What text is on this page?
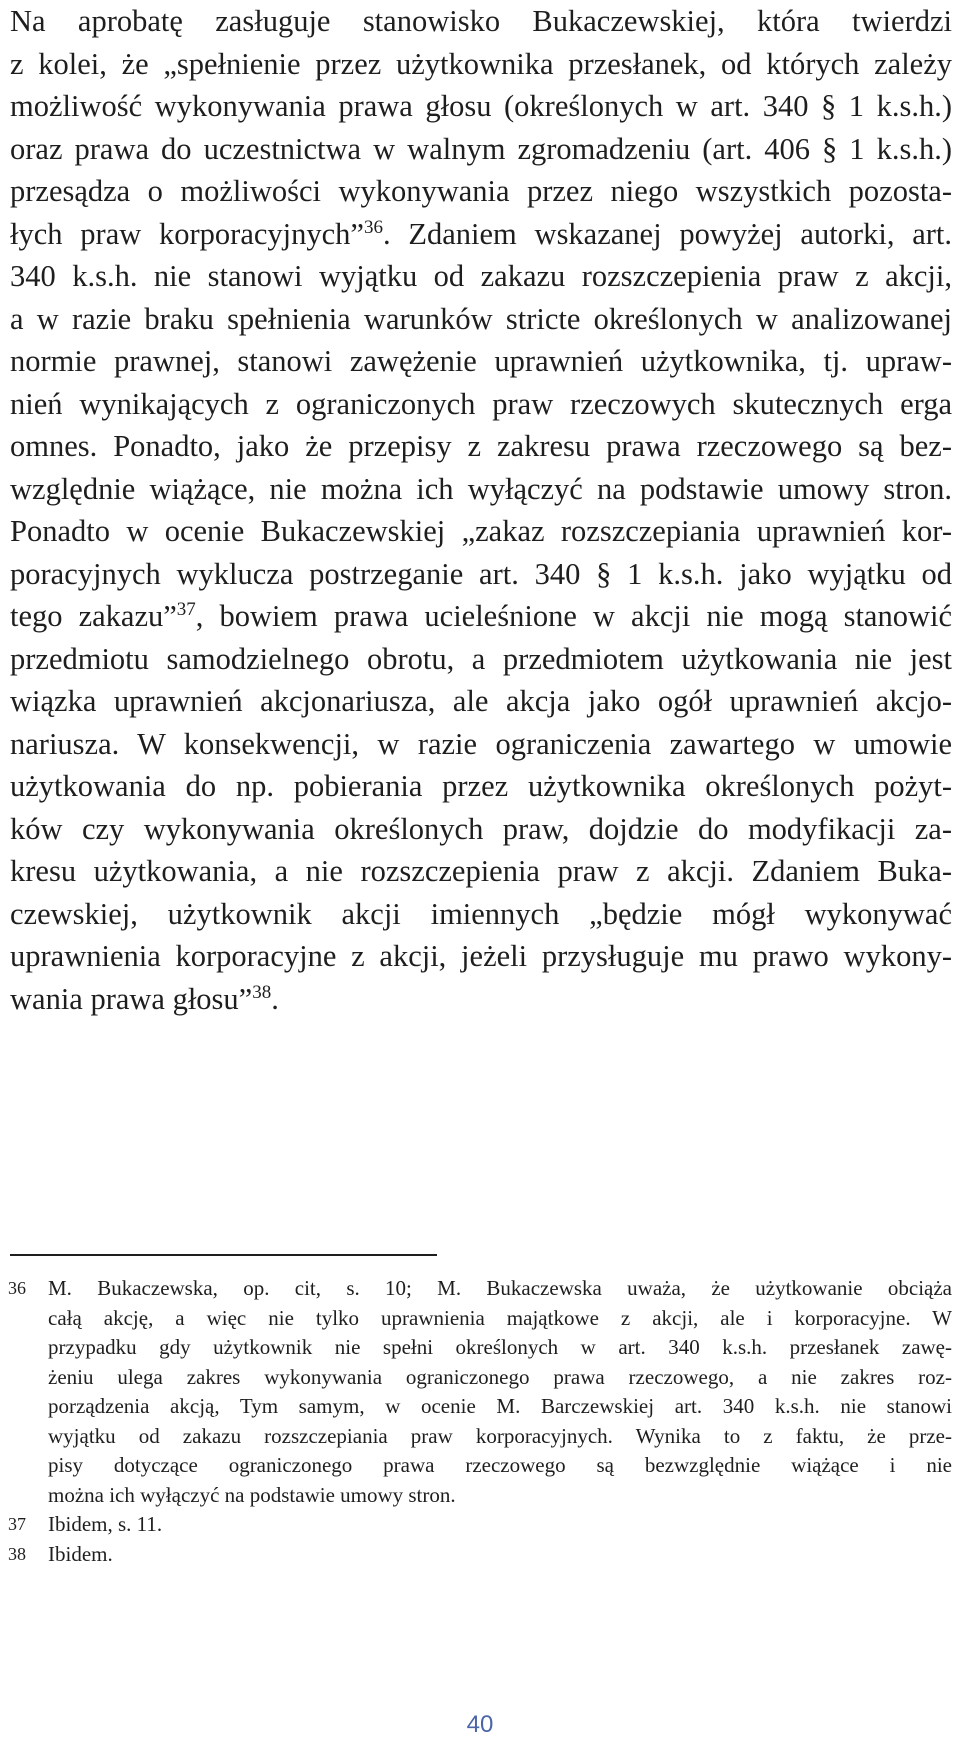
Na aprobatę zasługuje stanowisko Bukaczewskiej, która twierdzi
z kolei, że „spełnienie przez użytkownika przesłanek, od których zależy
możliwość wykonywania prawa głosu (określonych w art. 340 § 1 k.s.h.)
oraz prawa do uczestnictwa w walnym zgromadzeniu (art. 406 § 1 k.s.h.)
przesądza o możliwości wykonywania przez niego wszystkich pozosta-
łych praw korporacyjnych”$^{36}$. Zdaniem wskazanej powyżej autorki, art.
340 k.s.h. nie stanowi wyjątku od zakazu rozszczepienia praw z akcji,
a w razie braku spełnienia warunków stricte określonych w analizowanej
normie prawnej, stanowi zawężenie uprawnień użytkownika, tj. upraw-
nień wynikających z ograniczonych praw rzeczowych skutecznych erga
omnes. Ponadto, jako że przepisy z zakresu prawa rzeczowego są bez-
względnie wiążące, nie można ich wyłączyć na podstawie umowy stron.
Ponadto w ocenie Bukaczewskiej „zakaz rozszczepiania uprawnień kor-
poracyjnych wyklucza postrzeganie art. 340 § 1 k.s.h. jako wyjątku od
tego zakazu”$^{37}$, bowiem prawa ucieleśnione w akcji nie mogą stanowić
przedmiotu samodzielnego obrotu, a przedmiotem użytkowania nie jest
wiązka uprawnień akcjonariusza, ale akcja jako ogół uprawnień akcjo-
nariusza. W konsekwencji, w razie ograniczenia zawartego w umowie
użytkowania do np. pobierania przez użytkownika określonych pożyt-
ków czy wykonywania określonych praw, dojdzie do modyfikacji za-
kresu użytkowania, a nie rozszczepienia praw z akcji. Zdaniem Buka-
czewskiej, użytkownik akcji imiennych „będzie mógł wykonywać
uprawnienia korporacyjne z akcji, jeżeli przysługuje mu prawo wykony-
wania prawa głosu”$^{38}$.
36 M. Bukaczewska, op. cit, s. 10; M. Bukaczewska uważa, że użytkowanie obciąża
całą akcję, a więc nie tylko uprawnienia majątkowe z akcji, ale i korporacyjne. W
przypadku gdy użytkownik nie spełni określonych w art. 340 k.s.h. przesłanek zawę-
żeniu ulega zakres wykonywania ograniczonego prawa rzeczowego, a nie zakres roz-
porządzenia akcją, Tym samym, w ocenie M. Barczewskiej art. 340 k.s.h. nie stanowi
wyjątku od zakazu rozszczepiania praw korporacyjnych. Wynika to z faktu, że prze-
pisy dotyczące ograniczonego prawa rzeczowego są bezwzględnie wiążące i nie
można ich wyłączyć na podstawie umowy stron.
37 Ibidem, s. 11.
38 Ibidem.
40
